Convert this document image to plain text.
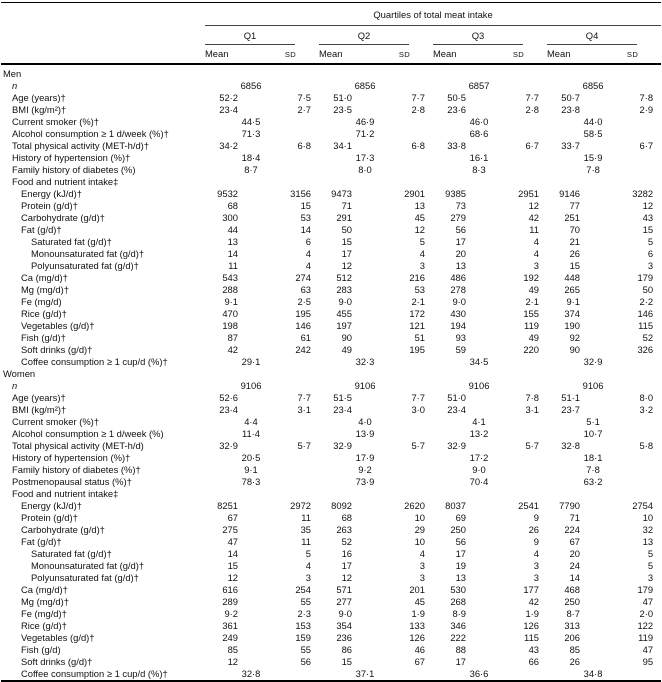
	Quartiles of total meat intake							

	Q1		Q2		Q3		Q4	

	Mean	SD	Mean	SD	Mean	SD	Mean	SD
Men								
n	6856		6856		6857		6856	
Age (years)†	52·2	7·5	51·0	7·7	50·5	7·7	50·7	7·8
BMI (kg/m²)†	23·4	2·7	23·5	2·8	23·6	2·8	23·8	2·9
Current smoker (%)†	44·5		46·9		46·0		44·0	
Alcohol consumption ≥ 1 d/week (%)†	71·3		71·2		68·6		58·5	
Total physical activity (MET-h/d)†	34·2	6·8	34·1	6·8	33·8	6·7	33·7	6·7
History of hypertension (%)†	18·4		17·3		16·1		15·9	
Family history of diabetes (%)	8·7		8·0		8·3		7·8	
Food and nutrient intake‡								
Energy (kJ/d)†	9532	3156	9473	2901	9385	2951	9146	3282
Protein (g/d)†	68	15	71	13	73	12	77	12
Carbohydrate (g/d)†	300	53	291	45	279	42	251	43
Fat (g/d)†	44	14	50	12	56	11	70	15
Saturated fat (g/d)†	13	6	15	5	17	4	21	5
Monounsaturated fat (g/d)†	14	4	17	4	20	4	26	6
Polyunsaturated fat (g/d)†	11	4	12	3	13	3	15	3
Ca (mg/d)†	543	274	512	216	486	192	448	179
Mg (mg/d)†	288	63	283	53	278	49	265	50
Fe (mg/d)	9·1	2·5	9·0	2·1	9·0	2·1	9·1	2·2
Rice (g/d)†	470	195	455	172	430	155	374	146
Vegetables (g/d)†	198	146	197	121	194	119	190	115
Fish (g/d)†	87	61	90	51	93	49	92	52
Soft drinks (g/d)†	42	242	49	195	59	220	90	326
Coffee consumption ≥ 1 cup/d (%)†	29·1		32·3		34·5		32·9	
Women								
n	9106		9106		9106		9106	
Age (years)†	52·6	7·7	51·5	7·7	51·0	7·8	51·1	8·0
BMI (kg/m²)†	23·4	3·1	23·4	3·0	23·4	3·1	23·7	3·2
Current smoker (%)†	4·4		4·0		4·1		5·1	
Alcohol consumption ≥ 1 d/week (%)	11·4		13·9		13·2		10·7	
Total physical activity (MET-h/d)	32·9	5·7	32·9	5·7	32·9	5·7	32·8	5·8
History of hypertension (%)†	20·5		17·9		17·2		18·1	
Family history of diabetes (%)†	9·1		9·2		9·0		7·8	
Postmenopausal status (%)†	78·3		73·9		70·4		63·2	
Food and nutrient intake‡								
Energy (kJ/d)†	8251	2972	8092	2620	8037	2541	7790	2754
Protein (g/d)†	67	11	68	10	69	9	71	10
Carbohydrate (g/d)†	275	35	263	29	250	26	224	32
Fat (g/d)†	47	11	52	10	56	9	67	13
Saturated fat (g/d)†	14	5	16	4	17	4	20	5
Monounsaturated fat (g/d)†	15	4	17	3	19	3	24	5
Polyunsaturated fat (g/d)†	12	3	12	3	13	3	14	3
Ca (mg/d)†	616	254	571	201	530	177	468	179
Mg (mg/d)†	289	55	277	45	268	42	250	47
Fe (mg/d)†	9·2	2·3	9·0	1·9	8·9	1·9	8·7	2·0
Rice (g/d)†	361	153	354	133	346	126	313	122
Vegetables (g/d)†	249	159	236	126	222	115	206	119
Fish (g/d)	85	55	86	46	88	43	85	47
Soft drinks (g/d)†	12	56	15	67	17	66	26	95
Coffee consumption ≥ 1 cup/d (%)†	32·8		37·1		36·6		34·8	
